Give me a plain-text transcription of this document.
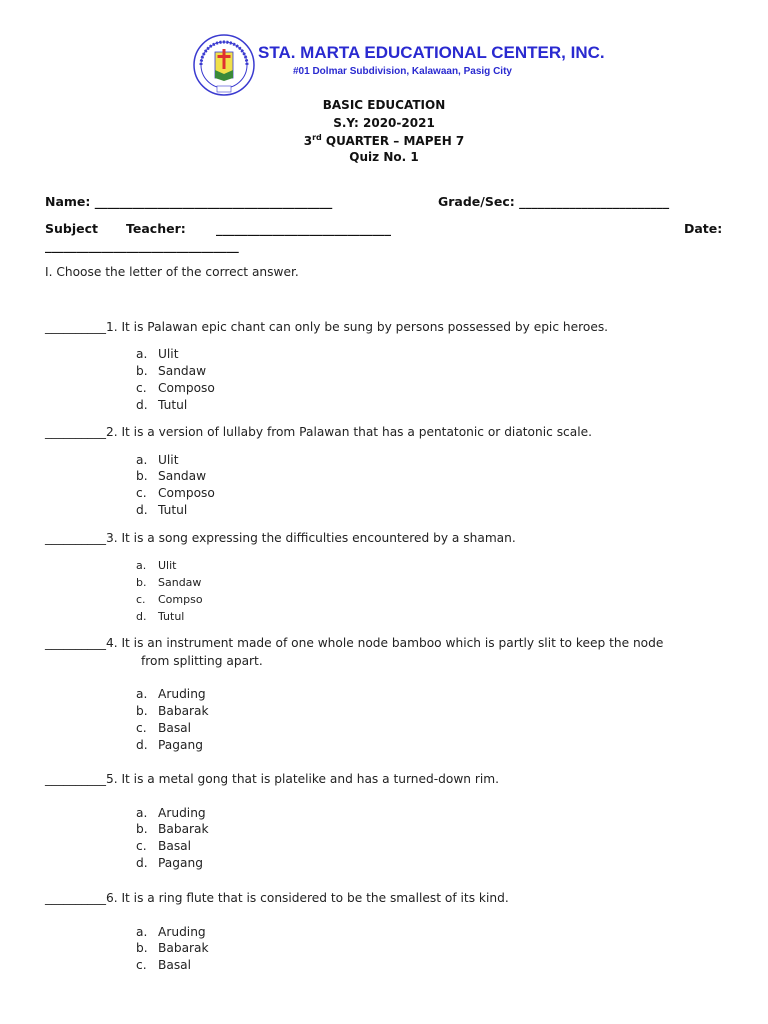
STA. MARTA EDUCATIONAL CENTER, INC.
#01 Dolmar Subdivision, Kalawaan, Pasig City
BASIC EDUCATION
S.Y: 2020-2021
3rd QUARTER – MAPEH 7
Quiz No. 1
Name: ______________________________________	Grade/Sec: ________________________
Subject Teacher: ____________________________	Date:
_______________________________
I. Choose the letter of the correct answer.
__________1. It is Palawan epic chant can only be sung by persons possessed by epic heroes.
a. Ulit
b. Sandaw
c. Composo
d. Tutul
__________2. It is a version of lullaby from Palawan that has a pentatonic or diatonic scale.
a. Ulit
b. Sandaw
c. Composo
d. Tutul
__________3. It is a song expressing the difficulties encountered by a shaman.
a. Ulit
b. Sandaw
c. Compso
d. Tutul
__________4. It is an instrument made of one whole node bamboo which is partly slit to keep the node
from splitting apart.
a. Aruding
b. Babarak
c. Basal
d. Pagang
__________5. It is a metal gong that is platelike and has a turned-down rim.
a. Aruding
b. Babarak
c. Basal
d. Pagang
__________6. It is a ring flute that is considered to be the smallest of its kind.
a. Aruding
b. Babarak
c. Basal
